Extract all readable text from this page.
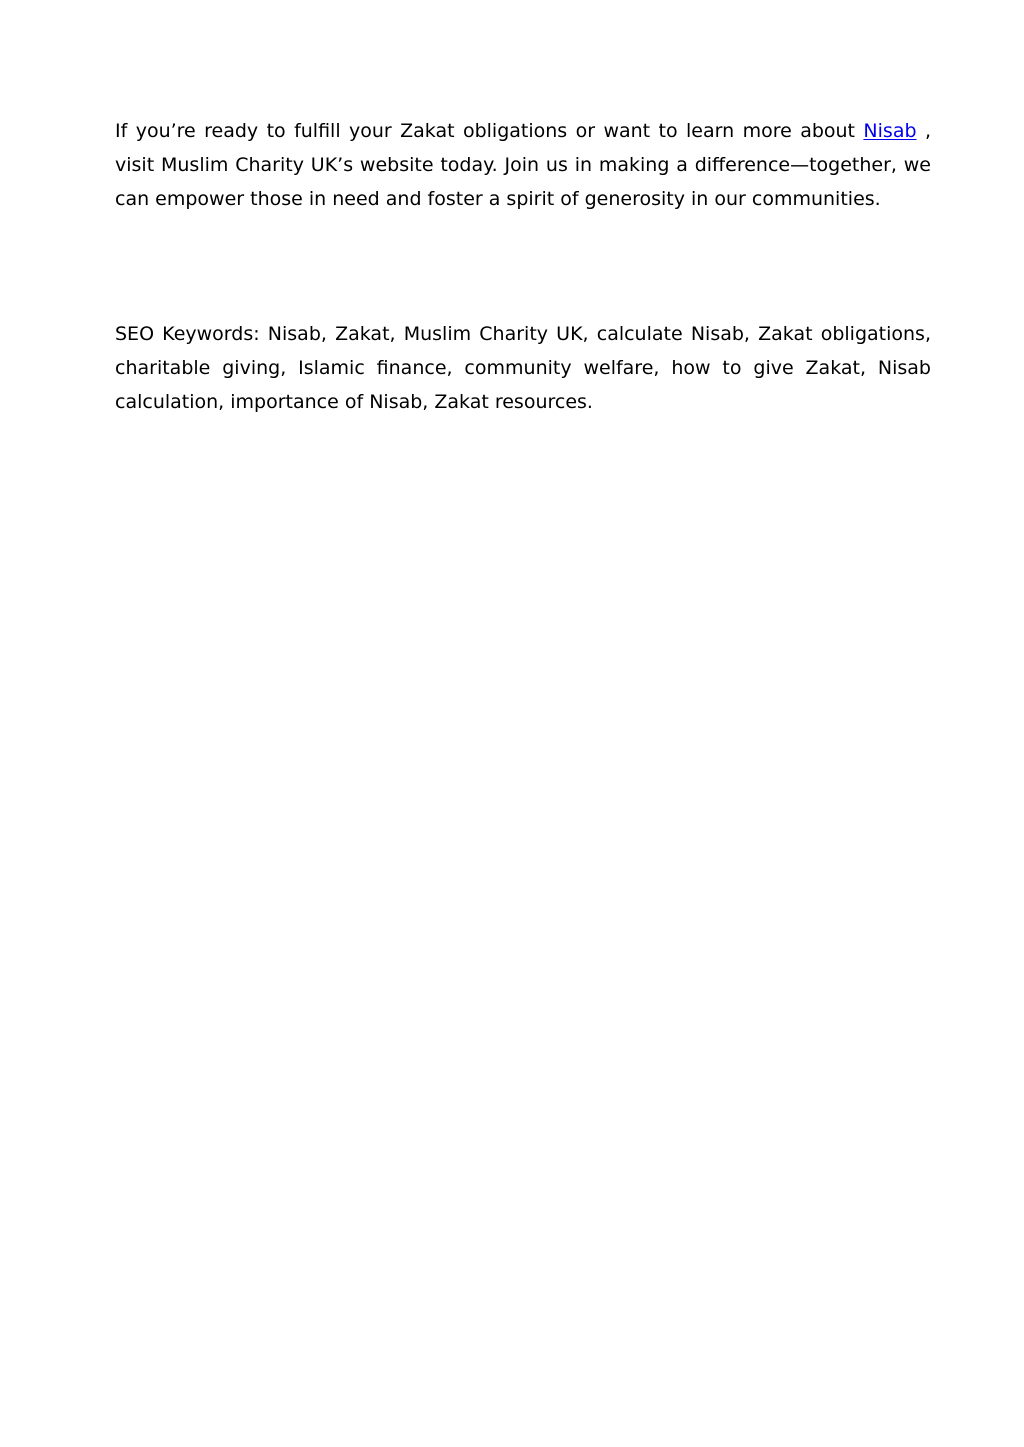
If you’re ready to fulfill your Zakat obligations or want to learn more about Nisab , visit Muslim Charity UK’s website today. Join us in making a difference—together, we can empower those in need and foster a spirit of generosity in our communities.

SEO Keywords: Nisab, Zakat, Muslim Charity UK, calculate Nisab, Zakat obligations, charitable giving, Islamic finance, community welfare, how to give Zakat, Nisab calculation, importance of Nisab, Zakat resources.
